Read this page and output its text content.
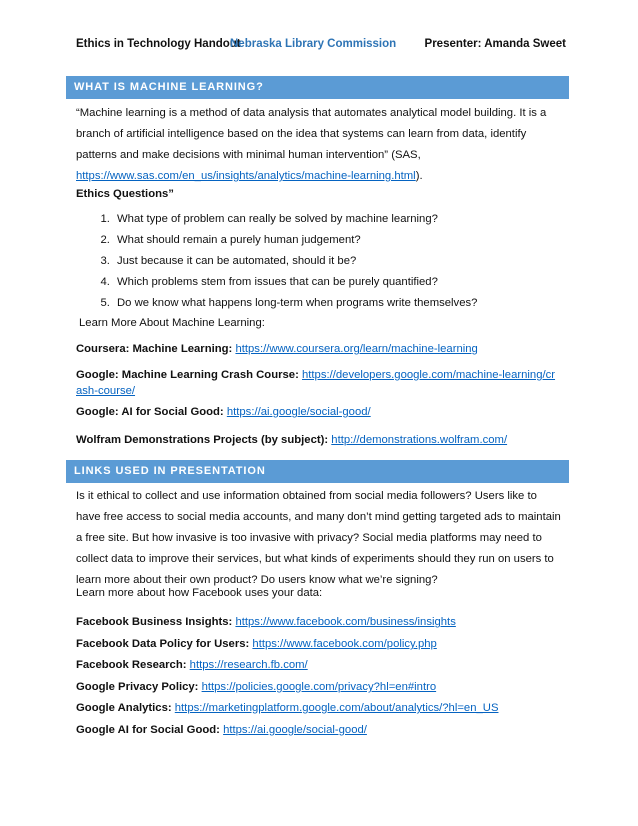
Ethics in Technology Handout
Nebraska Library Commission Presenter: Amanda Sweet
WHAT IS MACHINE LEARNING?
“Machine learning is a method of data analysis that automates analytical model building. It is a branch of artificial intelligence based on the idea that systems can learn from data, identify patterns and make decisions with minimal human intervention” (SAS, https://www.sas.com/en_us/insights/analytics/machine-learning.html).
Ethics Questions”
1. What type of problem can really be solved by machine learning?
2. What should remain a purely human judgement?
3. Just because it can be automated, should it be?
4. Which problems stem from issues that can be purely quantified?
5. Do we know what happens long-term when programs write themselves?
Learn More About Machine Learning:
Coursera: Machine Learning: https://www.coursera.org/learn/machine-learning
Google: Machine Learning Crash Course: https://developers.google.com/machine-learning/crash-course/
Google: AI for Social Good: https://ai.google/social-good/
Wolfram Demonstrations Projects (by subject): http://demonstrations.wolfram.com/
LINKS USED IN PRESENTATION
Is it ethical to collect and use information obtained from social media followers? Users like to have free access to social media accounts, and many don’t mind getting targeted ads to maintain a free site. But how invasive is too invasive with privacy? Social media platforms may need to collect data to improve their services, but what kinds of experiments should they run on users to learn more about their own product? Do users know what we’re signing?
Learn more about how Facebook uses your data:
Facebook Business Insights: https://www.facebook.com/business/insights
Facebook Data Policy for Users: https://www.facebook.com/policy.php
Facebook Research: https://research.fb.com/
Google Privacy Policy: https://policies.google.com/privacy?hl=en#intro
Google Analytics: https://marketingplatform.google.com/about/analytics/?hl=en_US
Google AI for Social Good: https://ai.google/social-good/
